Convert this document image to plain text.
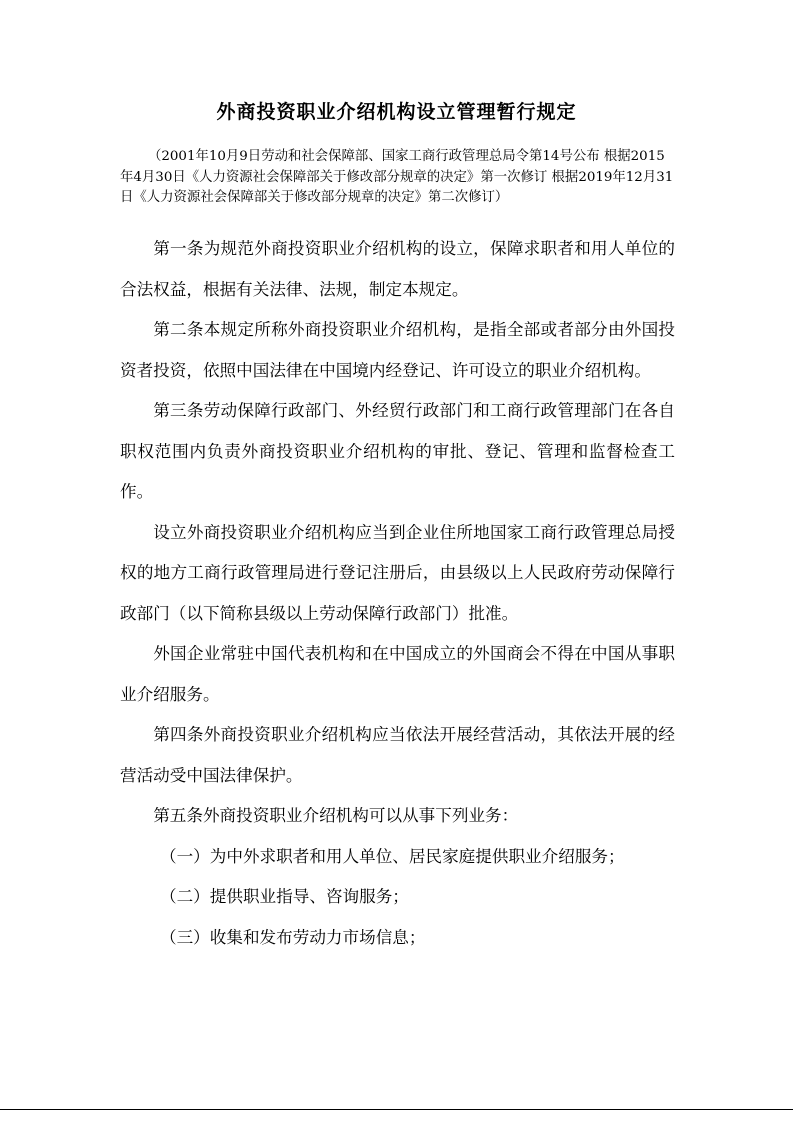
外商投资职业介绍机构设立管理暂行规定
（2001年10月9日劳动和社会保障部、国家工商行政管理总局令第14号公布 根据2015年4月30日《人力资源社会保障部关于修改部分规章的决定》第一次修订 根据2019年12月31日《人力资源社会保障部关于修改部分规章的决定》第二次修订）

第一条为规范外商投资职业介绍机构的设立，保障求职者和用人单位的合法权益，根据有关法律、法规，制定本规定。

第二条本规定所称外商投资职业介绍机构，是指全部或者部分由外国投资者投资，依照中国法律在中国境内经登记、许可设立的职业介绍机构。

第三条劳动保障行政部门、外经贸行政部门和工商行政管理部门在各自职权范围内负责外商投资职业介绍机构的审批、登记、管理和监督检查工作。

设立外商投资职业介绍机构应当到企业住所地国家工商行政管理总局授权的地方工商行政管理局进行登记注册后，由县级以上人民政府劳动保障行政部门（以下简称县级以上劳动保障行政部门）批准。

外国企业常驻中国代表机构和在中国成立的外国商会不得在中国从事职业介绍服务。

第四条外商投资职业介绍机构应当依法开展经营活动，其依法开展的经营活动受中国法律保护。

第五条外商投资职业介绍机构可以从事下列业务：

（一）为中外求职者和用人单位、居民家庭提供职业介绍服务；

（二）提供职业指导、咨询服务；

（三）收集和发布劳动力市场信息；
